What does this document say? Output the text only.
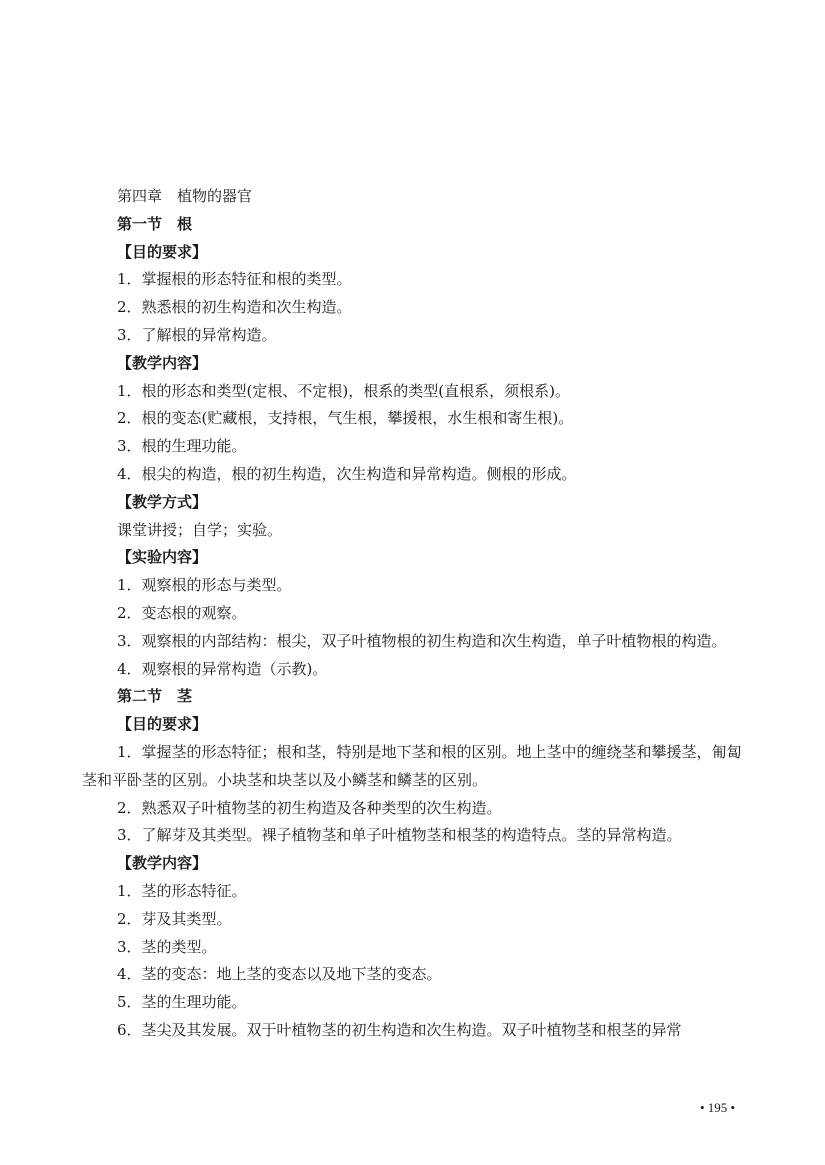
第四章　植物的器官
第一节　根
【目的要求】
1．掌握根的形态特征和根的类型。
2．熟悉根的初生构造和次生构造。
3．了解根的异常构造。
【教学内容】
1．根的形态和类型(定根、不定根)，根系的类型(直根系，须根系)。
2．根的变态(贮藏根，支持根，气生根，攀援根，水生根和寄生根)。
3．根的生理功能。
4．根尖的构造，根的初生构造，次生构造和异常构造。侧根的形成。
【教学方式】
课堂讲授；自学；实验。
【实验内容】
1．观察根的形态与类型。
2．变态根的观察。
3．观察根的内部结构：根尖，双子叶植物根的初生构造和次生构造，单子叶植物根的构造。
4．观察根的异常构造（示教)。
第二节　茎
【目的要求】
1．掌握茎的形态特征；根和茎，特别是地下茎和根的区别。地上茎中的缠绕茎和攀援茎，匍匐茎和平卧茎的区别。小块茎和块茎以及小鳞茎和鳞茎的区别。
2．熟悉双子叶植物茎的初生构造及各种类型的次生构造。
3．了解芽及其类型。裸子植物茎和单子叶植物茎和根茎的构造特点。茎的异常构造。
【教学内容】
1．茎的形态特征。
2．芽及其类型。
3．茎的类型。
4．茎的变态：地上茎的变态以及地下茎的变态。
5．茎的生理功能。
6．茎尖及其发展。双于叶植物茎的初生构造和次生构造。双子叶植物茎和根茎的异常
• 195 •
